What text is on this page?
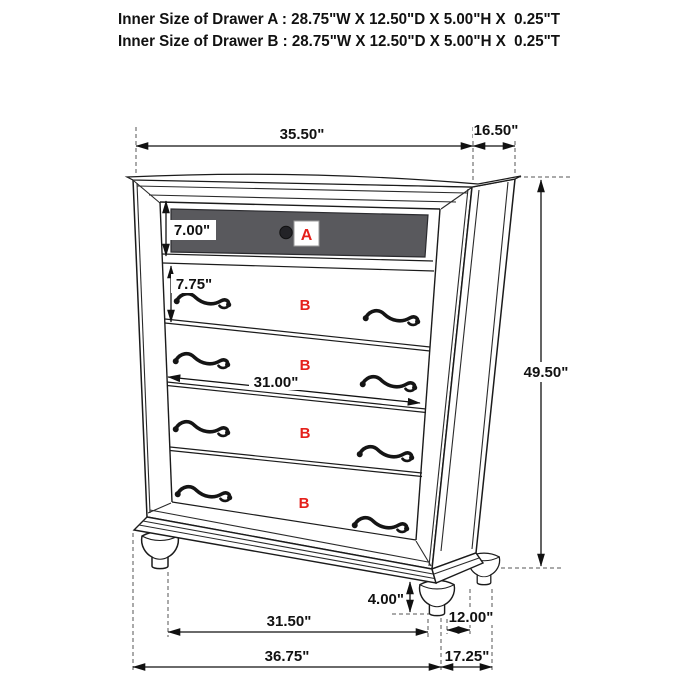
Inner Size of Drawer A : 28.75"W X 12.50"D X 5.00"H X  0.25"T
Inner Size of Drawer B : 28.75"W X 12.50"D X 5.00"H X  0.25"T
35.50"	16.50"
7.00"
7.75"
31.00"
49.50"
4.00"
31.50"	12.00"
36.75"	17.25"
A
B
B
B
B
